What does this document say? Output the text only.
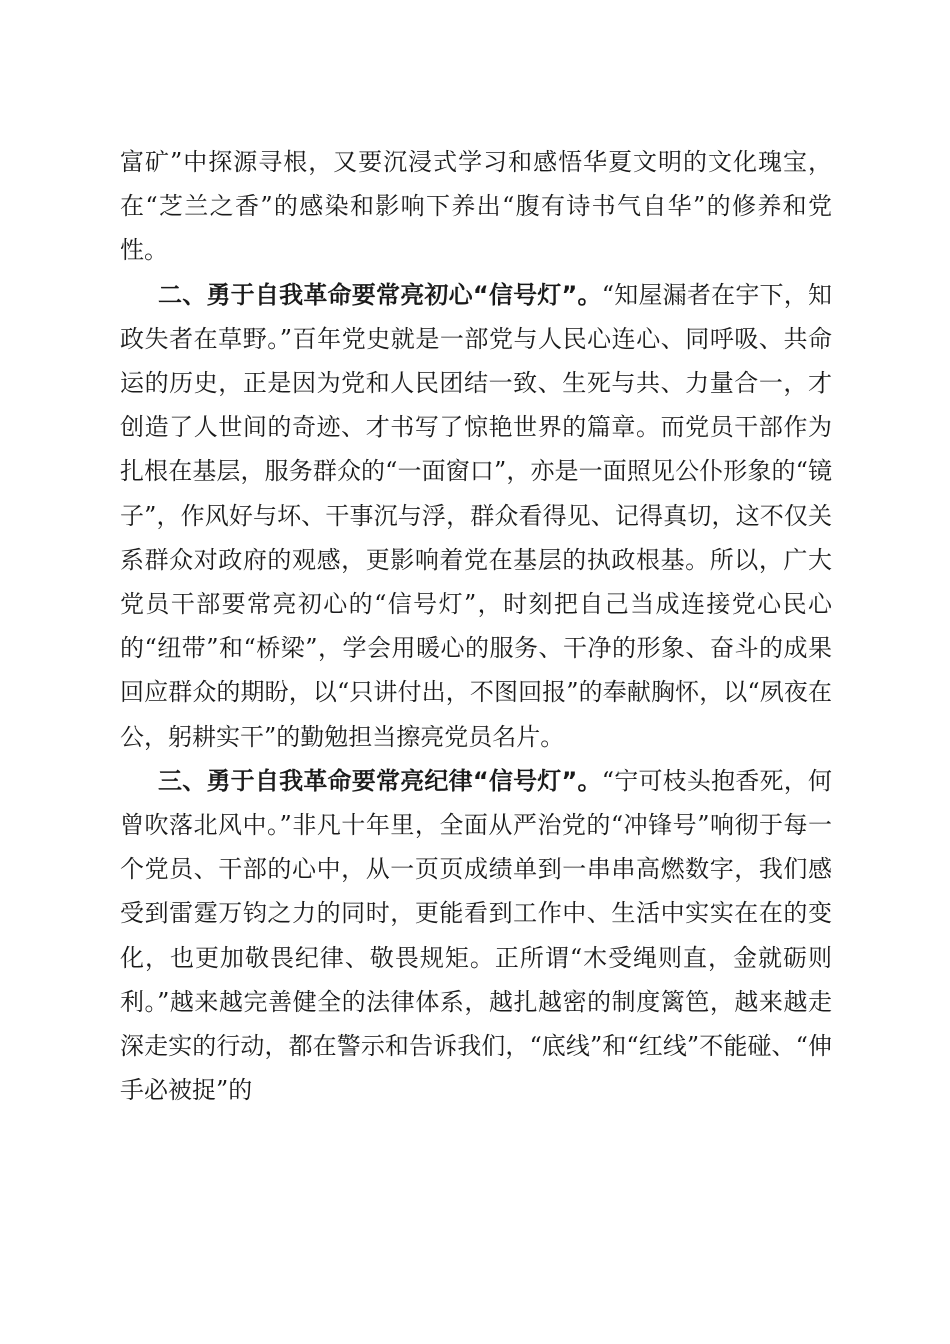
富矿”中探源寻根，又要沉浸式学习和感悟华夏文明的文化瑰宝，在“芝兰之香”的感染和影响下养出“腹有诗书气自华”的修养和党性。

二、勇于自我革命要常亮初心“信号灯”。“知屋漏者在宇下，知政失者在草野。”百年党史就是一部党与人民心连心、同呼吸、共命运的历史，正是因为党和人民团结一致、生死与共、力量合一，才创造了人世间的奇迹、才书写了惊艳世界的篇章。而党员干部作为扎根在基层，服务群众的“一面窗口”，亦是一面照见公仆形象的“镜子”，作风好与坏、干事沉与浮，群众看得见、记得真切，这不仅关系群众对政府的观感，更影响着党在基层的执政根基。所以，广大党员干部要常亮初心的“信号灯”，时刻把自己当成连接党心民心的“纽带”和“桥梁”，学会用暖心的服务、干净的形象、奋斗的成果回应群众的期盼，以“只讲付出，不图回报”的奉献胸怀，以“夙夜在公，躬耕实干”的勤勉担当擦亮党员名片。

三、勇于自我革命要常亮纪律“信号灯”。“宁可枝头抱香死，何曾吹落北风中。”非凡十年里，全面从严治党的“冲锋号”响彻于每一个党员、干部的心中，从一页页成绩单到一串串高燃数字，我们感受到雷霆万钧之力的同时，更能看到工作中、生活中实实在在的变化，也更加敬畏纪律、敬畏规矩。正所谓“木受绳则直，金就砺则利。”越来越完善健全的法律体系，越扎越密的制度篱笆，越来越走深走实的行动，都在警示和告诉我们，“底线”和“红线”不能碰、“伸手必被捉”的
